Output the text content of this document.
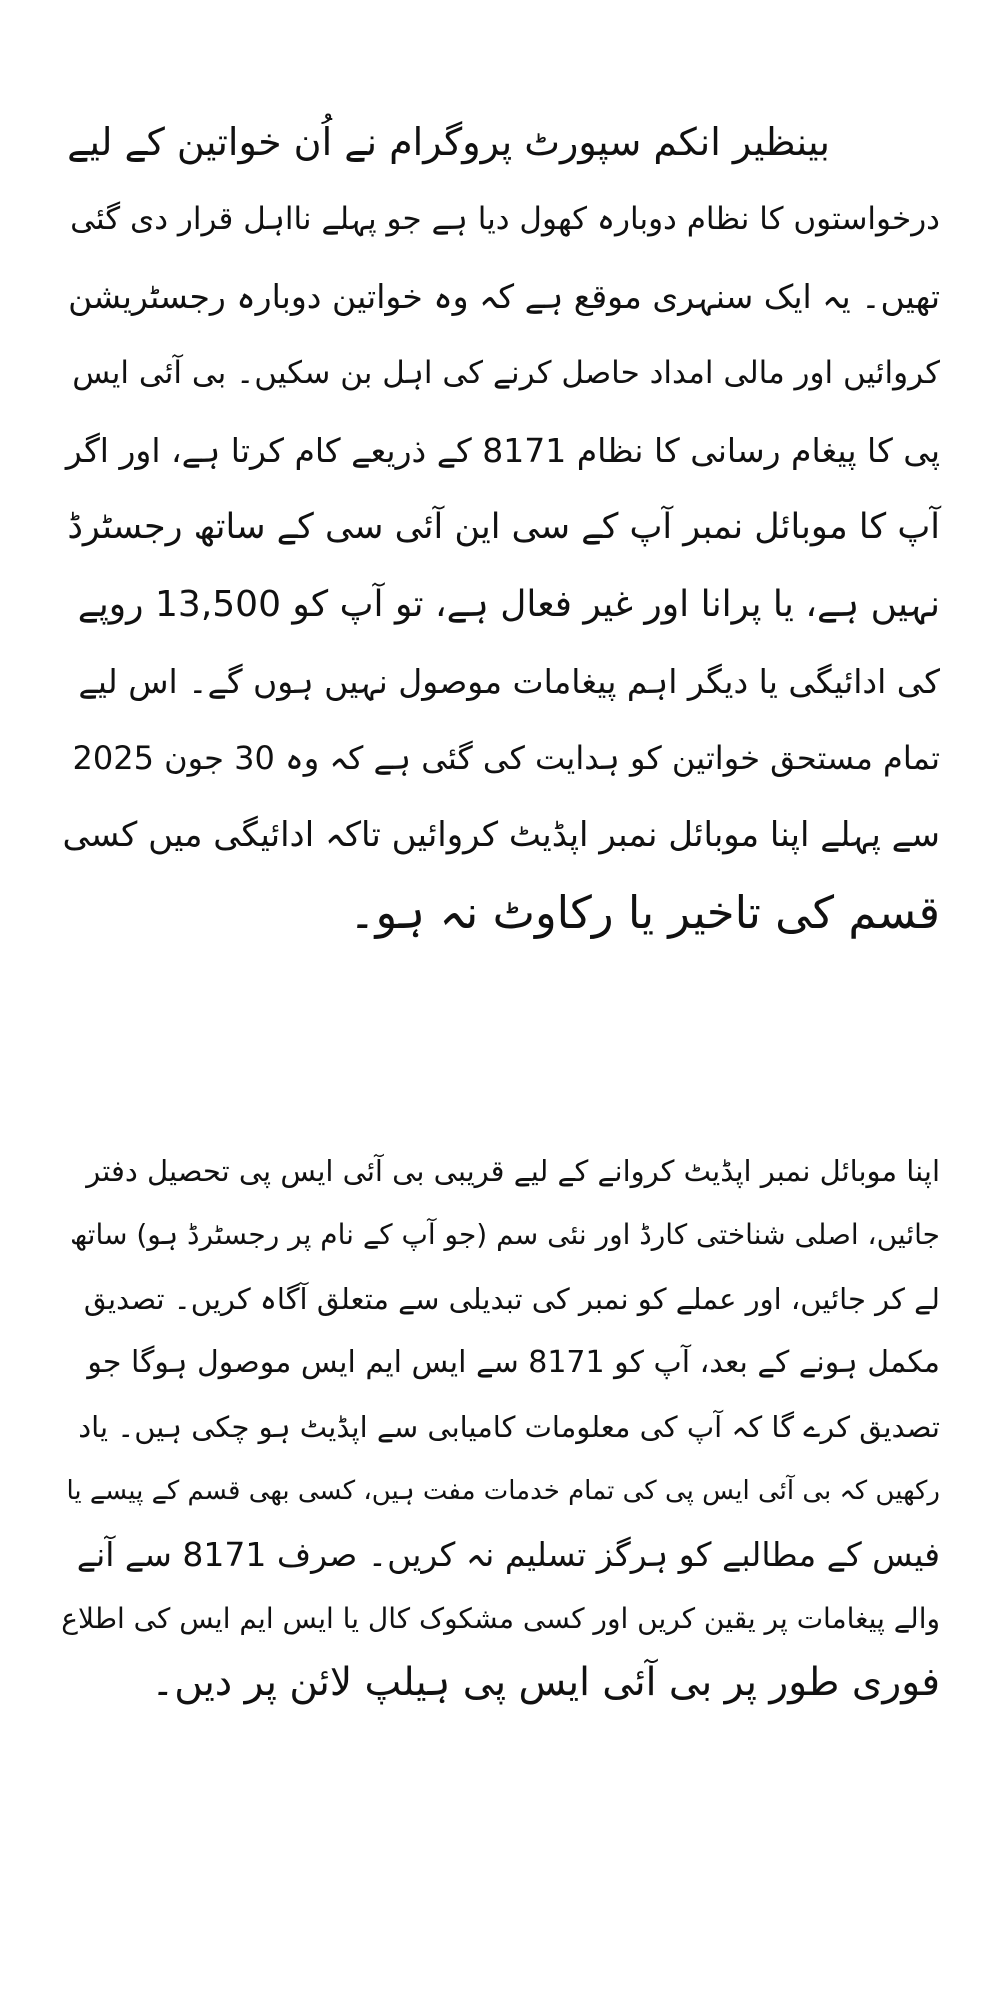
بینظیر انکم سپورٹ پروگرام نے اُن خواتین کے لیے
درخواستوں کا نظام دوبارہ کھول دیا ہے جو پہلے نااہل قرار دی گئی
تھیں۔ یہ ایک سنہری موقع ہے کہ وہ خواتین دوبارہ رجسٹریشن
کروائیں اور مالی امداد حاصل کرنے کی اہل بن سکیں۔ بی آئی ایس
پی کا پیغام رسانی کا نظام 8171 کے ذریعے کام کرتا ہے، اور اگر
آپ کا موبائل نمبر آپ کے سی این آئی سی کے ساتھ رجسٹرڈ
نہیں ہے، یا پرانا اور غیر فعال ہے، تو آپ کو 13,500 روپے
کی ادائیگی یا دیگر اہم پیغامات موصول نہیں ہوں گے۔ اس لیے
تمام مستحق خواتین کو ہدایت کی گئی ہے کہ وہ 30 جون 2025
سے پہلے اپنا موبائل نمبر اپڈیٹ کروائیں تاکہ ادائیگی میں کسی
قسم کی تاخیر یا رکاوٹ نہ ہو۔
اپنا موبائل نمبر اپڈیٹ کروانے کے لیے قریبی بی آئی ایس پی تحصیل دفتر
جائیں، اصلی شناختی کارڈ اور نئی سم (جو آپ کے نام پر رجسٹرڈ ہو) ساتھ
لے کر جائیں، اور عملے کو نمبر کی تبدیلی سے متعلق آگاہ کریں۔ تصدیق
مکمل ہونے کے بعد، آپ کو 8171 سے ایس ایم ایس موصول ہوگا جو
تصدیق کرے گا کہ آپ کی معلومات کامیابی سے اپڈیٹ ہو چکی ہیں۔ یاد
رکھیں کہ بی آئی ایس پی کی تمام خدمات مفت ہیں، کسی بھی قسم کے پیسے یا
فیس کے مطالبے کو ہرگز تسلیم نہ کریں۔ صرف 8171 سے آنے
والے پیغامات پر یقین کریں اور کسی مشکوک کال یا ایس ایم ایس کی اطلاع
فوری طور پر بی آئی ایس پی ہیلپ لائن پر دیں۔
